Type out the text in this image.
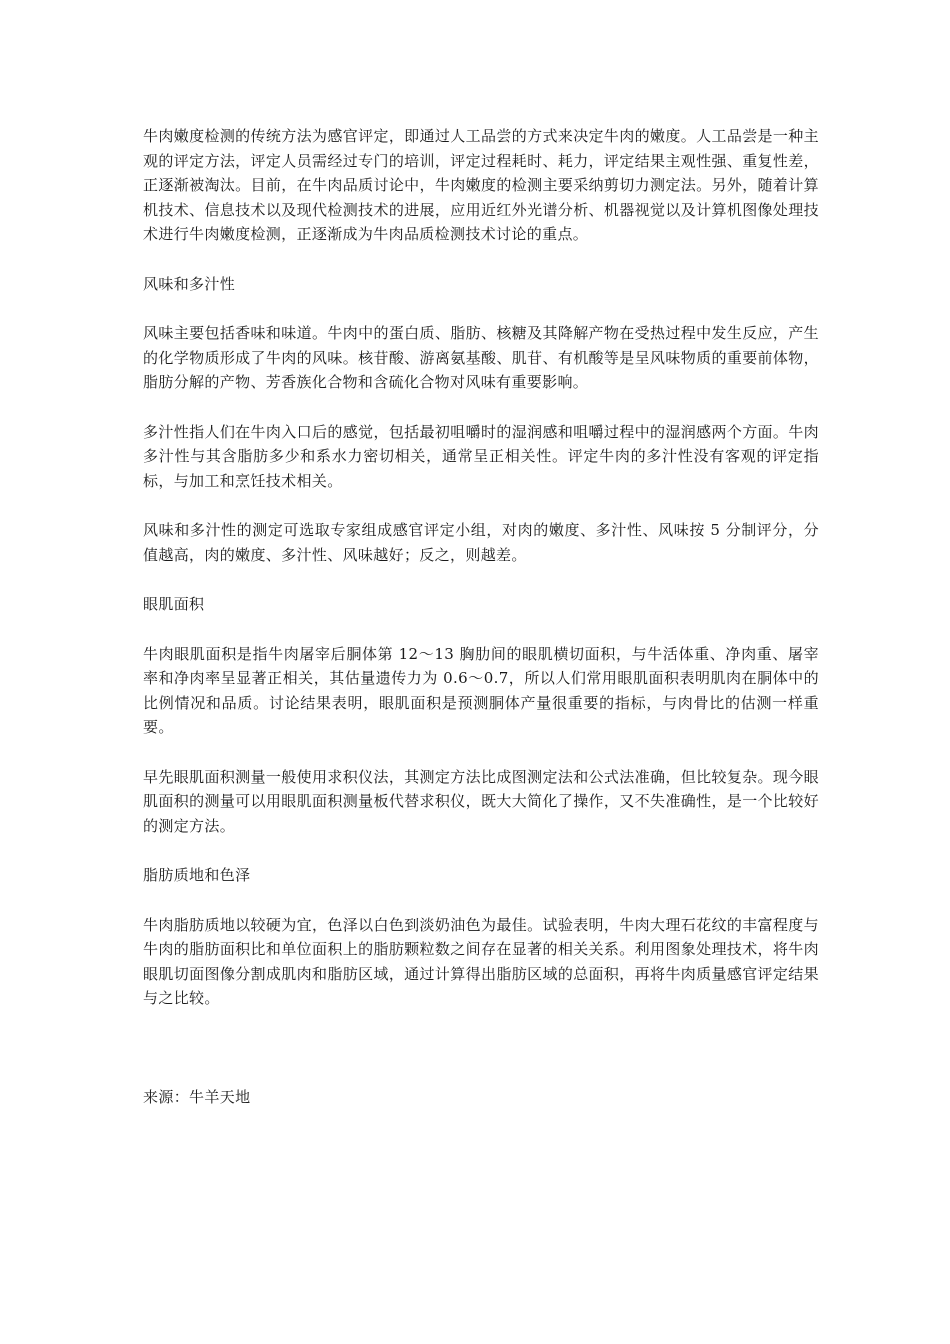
牛肉嫩度检测的传统方法为感官评定，即通过人工品尝的方式来决定牛肉的嫩度。人工品尝是一种主观的评定方法，评定人员需经过专门的培训，评定过程耗时、耗力，评定结果主观性强、重复性差，正逐渐被淘汰。目前，在牛肉品质讨论中，牛肉嫩度的检测主要采纳剪切力测定法。另外，随着计算机技术、信息技术以及现代检测技术的进展，应用近红外光谱分析、机器视觉以及计算机图像处理技术进行牛肉嫩度检测，正逐渐成为牛肉品质检测技术讨论的重点。

风味和多汁性

风味主要包括香味和味道。牛肉中的蛋白质、脂肪、核糖及其降解产物在受热过程中发生反应，产生的化学物质形成了牛肉的风味。核苷酸、游离氨基酸、肌苷、有机酸等是呈风味物质的重要前体物，脂肪分解的产物、芳香族化合物和含硫化合物对风味有重要影响。

多汁性指人们在牛肉入口后的感觉，包括最初咀嚼时的湿润感和咀嚼过程中的湿润感两个方面。牛肉多汁性与其含脂肪多少和系水力密切相关，通常呈正相关性。评定牛肉的多汁性没有客观的评定指标，与加工和烹饪技术相关。

风味和多汁性的测定可选取专家组成感官评定小组，对肉的嫩度、多汁性、风味按 5 分制评分，分值越高，肉的嫩度、多汁性、风味越好；反之，则越差。

眼肌面积

牛肉眼肌面积是指牛肉屠宰后胴体第 12～13 胸肋间的眼肌横切面积，与牛活体重、净肉重、屠宰率和净肉率呈显著正相关，其估量遗传力为 0.6～0.7，所以人们常用眼肌面积表明肌肉在胴体中的比例情况和品质。讨论结果表明，眼肌面积是预测胴体产量很重要的指标，与肉骨比的估测一样重要。

早先眼肌面积测量一般使用求积仪法，其测定方法比成图测定法和公式法准确，但比较复杂。现今眼肌面积的测量可以用眼肌面积测量板代替求积仪，既大大简化了操作，又不失准确性，是一个比较好的测定方法。

脂肪质地和色泽

牛肉脂肪质地以较硬为宜，色泽以白色到淡奶油色为最佳。试验表明，牛肉大理石花纹的丰富程度与牛肉的脂肪面积比和单位面积上的脂肪颗粒数之间存在显著的相关关系。利用图象处理技术，将牛肉眼肌切面图像分割成肌肉和脂肪区域，通过计算得出脂肪区域的总面积，再将牛肉质量感官评定结果与之比较。

来源：牛羊天地
